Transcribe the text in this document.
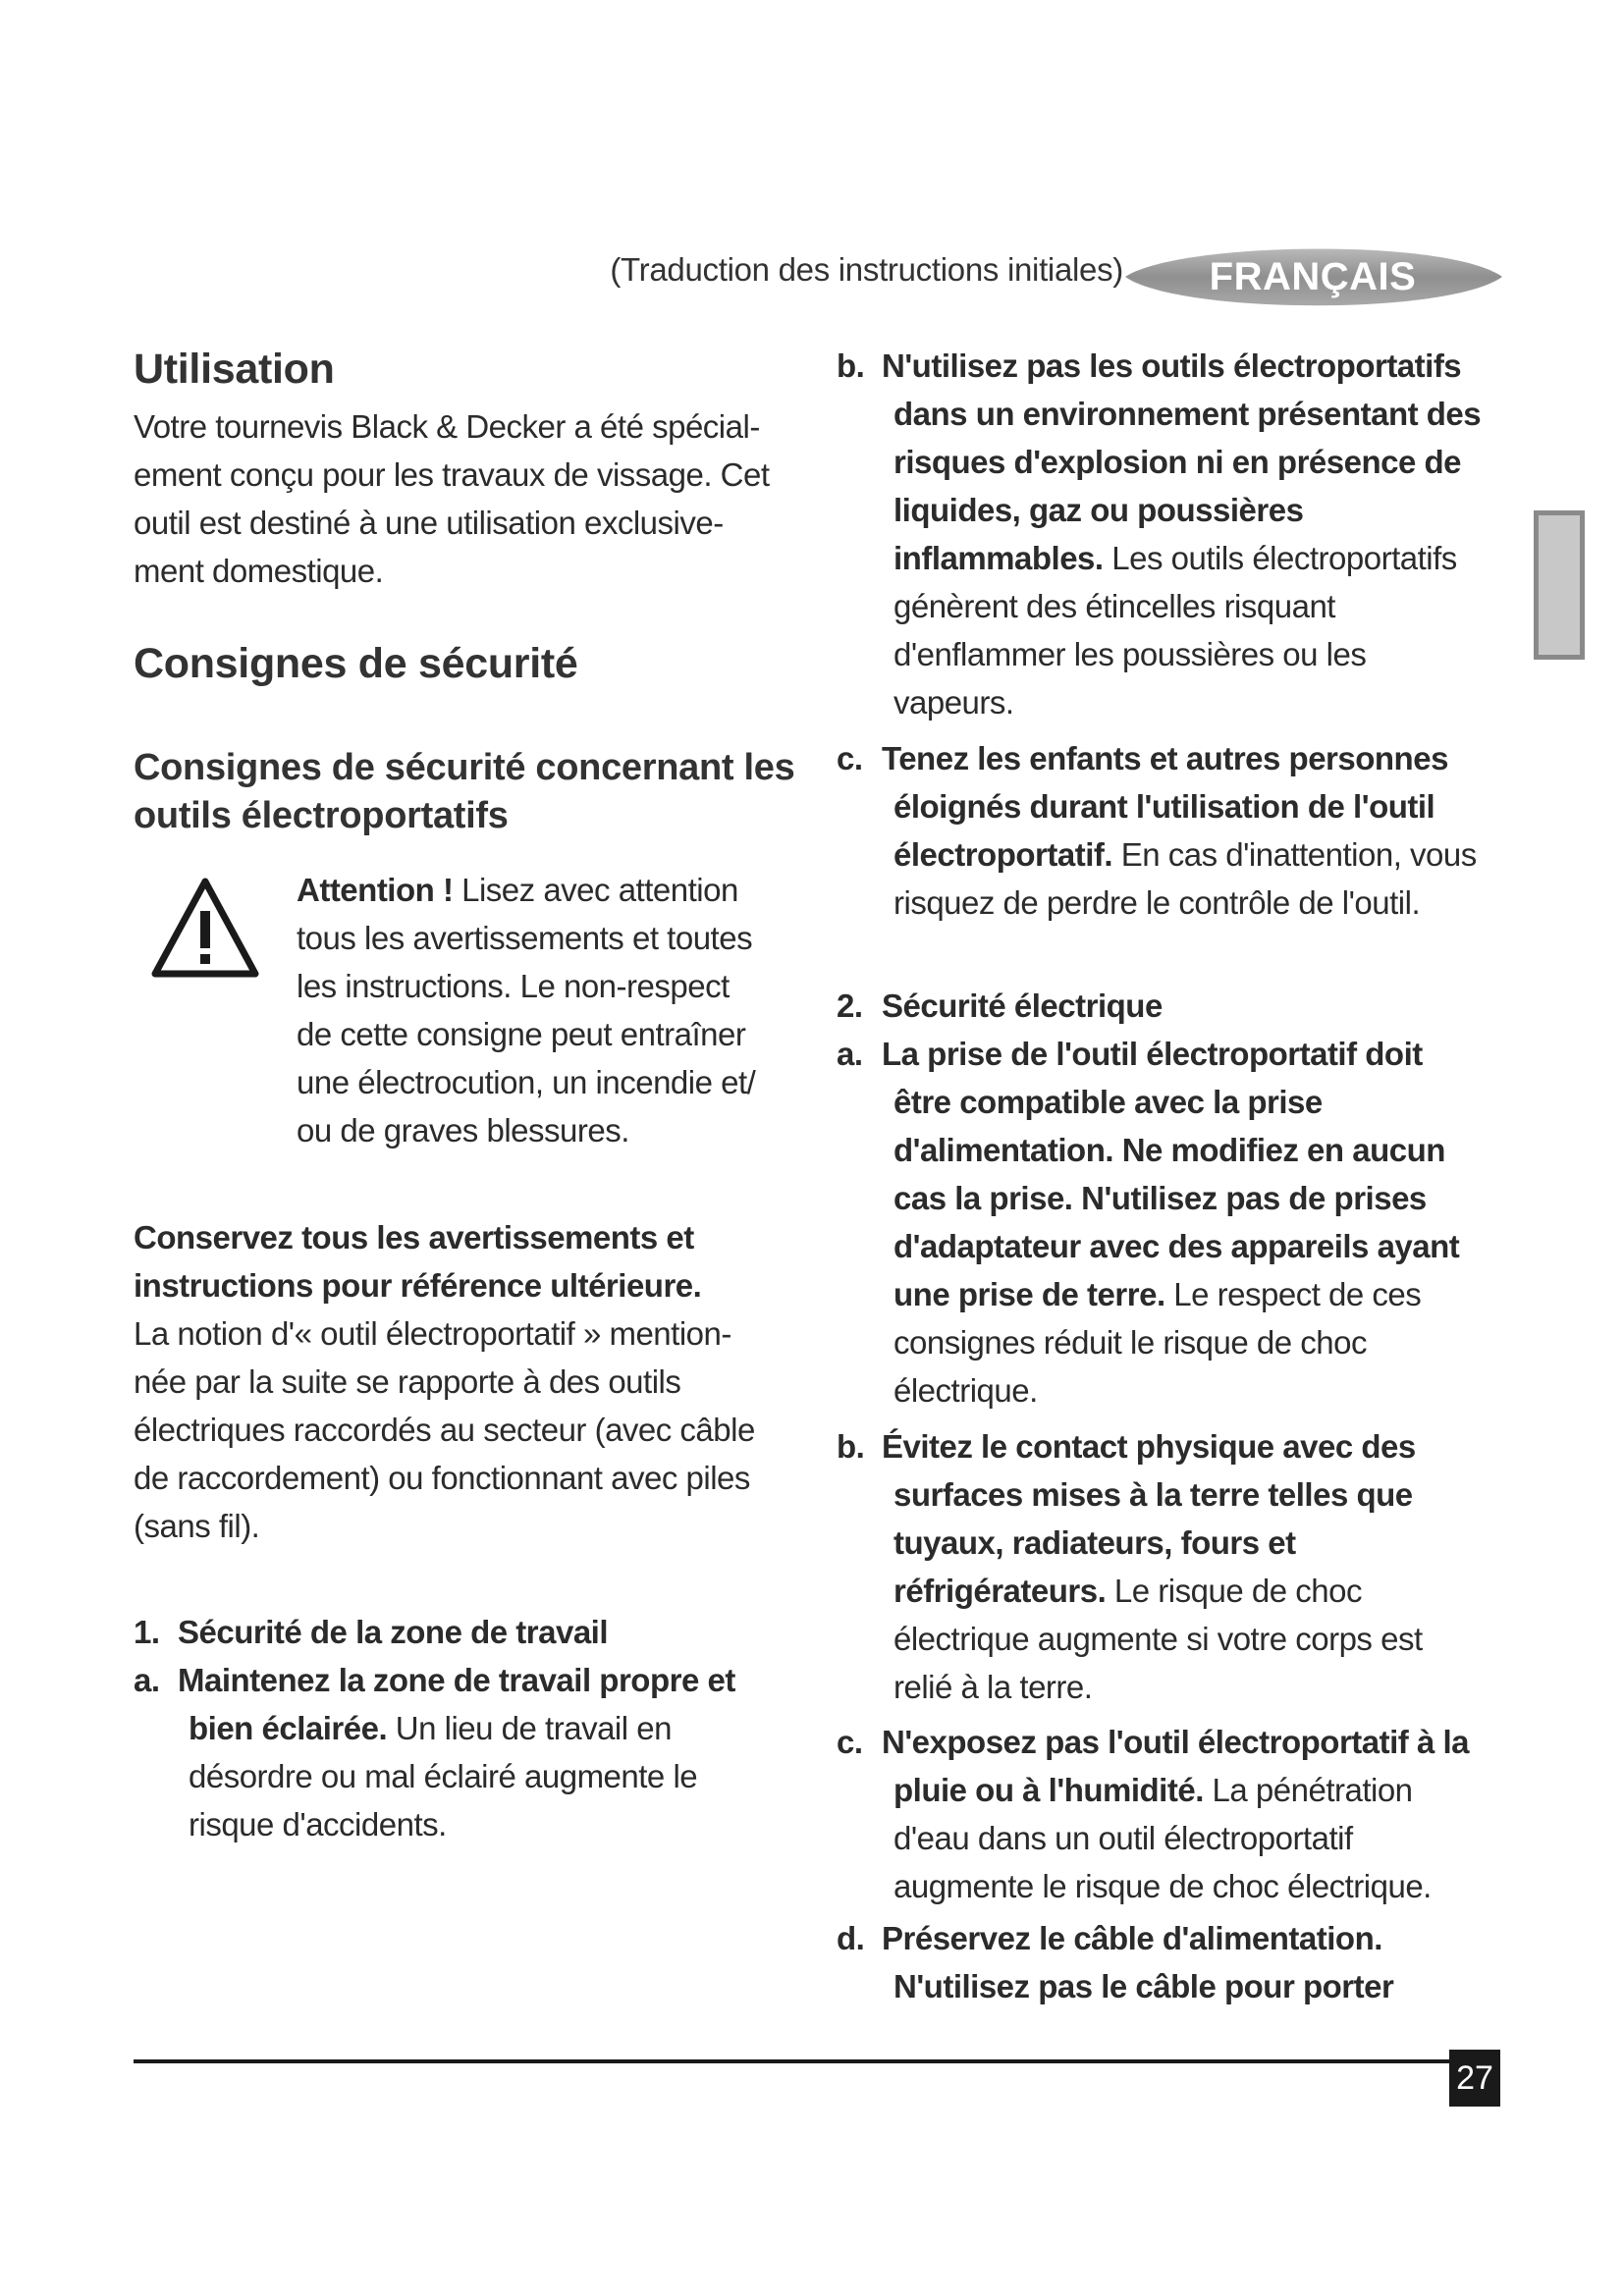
(Traduction des instructions initiales)	FRANÇAIS
Utilisation
Votre tournevis Black & Decker a été spécial-
ement conçu pour les travaux de vissage. Cet
outil est destiné à une utilisation exclusive-
ment domestique.
Consignes de sécurité
Consignes de sécurité concernant les
outils électroportatifs
Attention ! Lisez avec attention
tous les avertissements et toutes
les instructions. Le non-respect
de cette consigne peut entraîner
une électrocution, un incendie et/
ou de graves blessures.
Conservez tous les avertissements et
instructions pour référence ultérieure.
La notion d'« outil électroportatif » mention-
née par la suite se rapporte à des outils
électriques raccordés au secteur (avec câble
de raccordement) ou fonctionnant avec piles
(sans fil).
1. Sécurité de la zone de travail
a. Maintenez la zone de travail propre et
bien éclairée. Un lieu de travail en
désordre ou mal éclairé augmente le
risque d'accidents.
b. N'utilisez pas les outils électroportatifs
dans un environnement présentant des
risques d'explosion ni en présence de
liquides, gaz ou poussières
inflammables. Les outils électroportatifs
génèrent des étincelles risquant
d'enflammer les poussières ou les
vapeurs.
c. Tenez les enfants et autres personnes
éloignés durant l'utilisation de l'outil
électroportatif. En cas d'inattention, vous
risquez de perdre le contrôle de l'outil.
2. Sécurité électrique
a. La prise de l'outil électroportatif doit
être compatible avec la prise
d'alimentation. Ne modifiez en aucun
cas la prise. N'utilisez pas de prises
d'adaptateur avec des appareils ayant
une prise de terre. Le respect de ces
consignes réduit le risque de choc
électrique.
b. Évitez le contact physique avec des
surfaces mises à la terre telles que
tuyaux, radiateurs, fours et
réfrigérateurs. Le risque de choc
électrique augmente si votre corps est
relié à la terre.
c. N'exposez pas l'outil électroportatif à la
pluie ou à l'humidité. La pénétration
d'eau dans un outil électroportatif
augmente le risque de choc électrique.
d. Préservez le câble d'alimentation.
N'utilisez pas le câble pour porter
27
